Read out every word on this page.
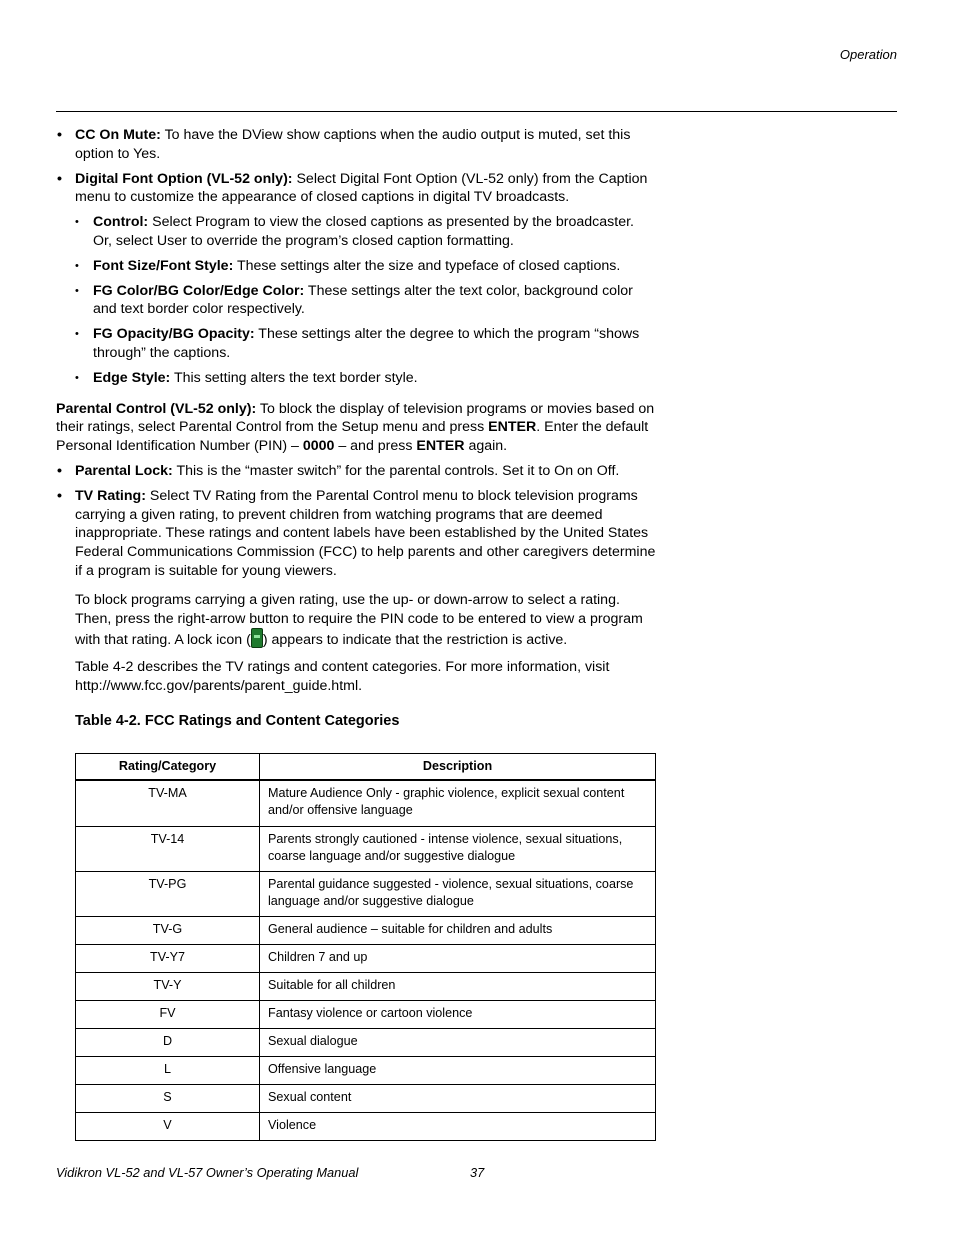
Operation
• CC On Mute: To have the DView show captions when the audio output is muted, set this option to Yes.
• Digital Font Option (VL-52 only): Select Digital Font Option (VL-52 only) from the Caption menu to customize the appearance of closed captions in digital TV broadcasts.
• Control: Select Program to view the closed captions as presented by the broadcaster. Or, select User to override the program’s closed caption formatting.
• Font Size/Font Style: These settings alter the size and typeface of closed captions.
• FG Color/BG Color/Edge Color: These settings alter the text color, background color and text border color respectively.
• FG Opacity/BG Opacity: These settings alter the degree to which the program “shows through” the captions.
• Edge Style: This setting alters the text border style.
Parental Control (VL-52 only): To block the display of television programs or movies based on their ratings, select Parental Control from the Setup menu and press ENTER. Enter the default Personal Identification Number (PIN) – 0000 – and press ENTER again.
• Parental Lock: This is the “master switch” for the parental controls. Set it to On on Off.
• TV Rating: Select TV Rating from the Parental Control menu to block television programs carrying a given rating, to prevent children from watching programs that are deemed inappropriate. These ratings and content labels have been established by the United States Federal Communications Commission (FCC) to help parents and other caregivers determine if a program is suitable for young viewers.
To block programs carrying a given rating, use the up- or down-arrow to select a rating. Then, press the right-arrow button to require the PIN code to be entered to view a program with that rating. A lock icon ( ) appears to indicate that the restriction is active.
Table 4-2 describes the TV ratings and content categories. For more information, visit http://www.fcc.gov/parents/parent_guide.html.
Table 4-2. FCC Ratings and Content Categories
Rating/Category	Description
TV-MA	Mature Audience Only - graphic violence, explicit sexual content and/or offensive language
TV-14	Parents strongly cautioned - intense violence, sexual situations, coarse language and/or suggestive dialogue
TV-PG	Parental guidance suggested - violence, sexual situations, coarse language and/or suggestive dialogue
TV-G	General audience – suitable for children and adults
TV-Y7	Children 7 and up
TV-Y	Suitable for all children
FV	Fantasy violence or cartoon violence
D	Sexual dialogue
L	Offensive language
S	Sexual content
V	Violence
Vidikron VL-52 and VL-57 Owner’s Operating Manual	37
